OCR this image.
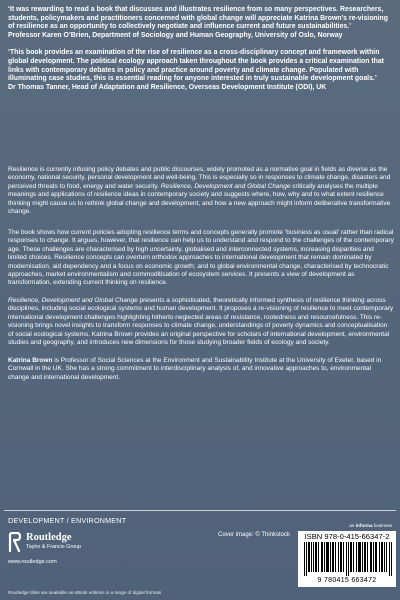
‘It was rewarding to read a book that discusses and illustrates resilience from so many perspectives. Researchers, students, policymakers and practitioners concerned with global change will appreciate Katrina Brown’s re-visioning of resilience as an opportunity to collectively negotiate and influence current and future sustainabilities.’

Professor Karen O’Brien, Department of Sociology and Human Geography, University of Oslo, Norway

‘This book provides an examination of the rise of resilience as a cross-disciplinary concept and framework within global development. The political ecology approach taken throughout the book provides a critical examination that links with contemporary debates in policy and practice around poverty and climate change. Populated with illuminating case studies, this is essential reading for anyone interested in truly sustainable development goals.’

Dr Thomas Tanner, Head of Adaptation and Resilience, Overseas Development Institute (ODI), UK

Resilience is currently infusing policy debates and public discourses, widely promoted as a normative goal in fields as diverse as the economy, national security, personal development and well-being. This is especially so in responses to climate change, disasters and perceived threats to food, energy and water security. Resilience, Development and Global Change critically analyses the multiple meanings and applications of resilience ideas in contemporary society and suggests where, how, why and to what extent resilience thinking might cause us to rethink global change and development, and how a new approach might inform deliberative transformative change.

The book shows how current policies adopting resilience terms and concepts generally promote ‘business as usual’ rather than radical responses to change. It argues, however, that resilience can help us to understand and respond to the challenges of the contemporary age. These challenges are characterised by high uncertainty, globalised and interconnected systems, increasing disparities and limited choices. Resilience concepts can overturn orthodox approaches to international development that remain dominated by modernisation, aid dependency and a focus on economic growth; and to global environmental change, characterised by technocratic approaches, market environmentalism and commoditisation of ecosystem services. It presents a view of development as transformation, extending current thinking on resilience.

Resilience, Development and Global Change presents a sophisticated, theoretically informed synthesis of resilience thinking across disciplines, including social ecological systems and human development. It proposes a re-visioning of resilience to meet contemporary international development challenges highlighting hitherto neglected areas of resistance, rootedness and resourcefulness. This re-visioning brings novel insights to transform responses to climate change, understandings of poverty dynamics and conceptualisation of social ecological systems. Katrina Brown provides an original perspective for scholars of international development, environmental studies and geography, and introduces new dimensions for those studying broader fields of ecology and society.

Katrina Brown is Professor of Social Sciences at the Environment and Sustainability Institute at the University of Exeter, based in Cornwall in the UK. She has a strong commitment to interdisciplinary analysis of, and innovative approaches to, environmental change and international development.

DEVELOPMENT / ENVIRONMENT
an informa business
Cover image: © Thinkstock
Routledge
Taylor & Francis Group
www.routledge.com
ISBN 978-0-415-66347-2
9 780415 663472
Routledge titles are available as eBook editions in a range of digital formats
